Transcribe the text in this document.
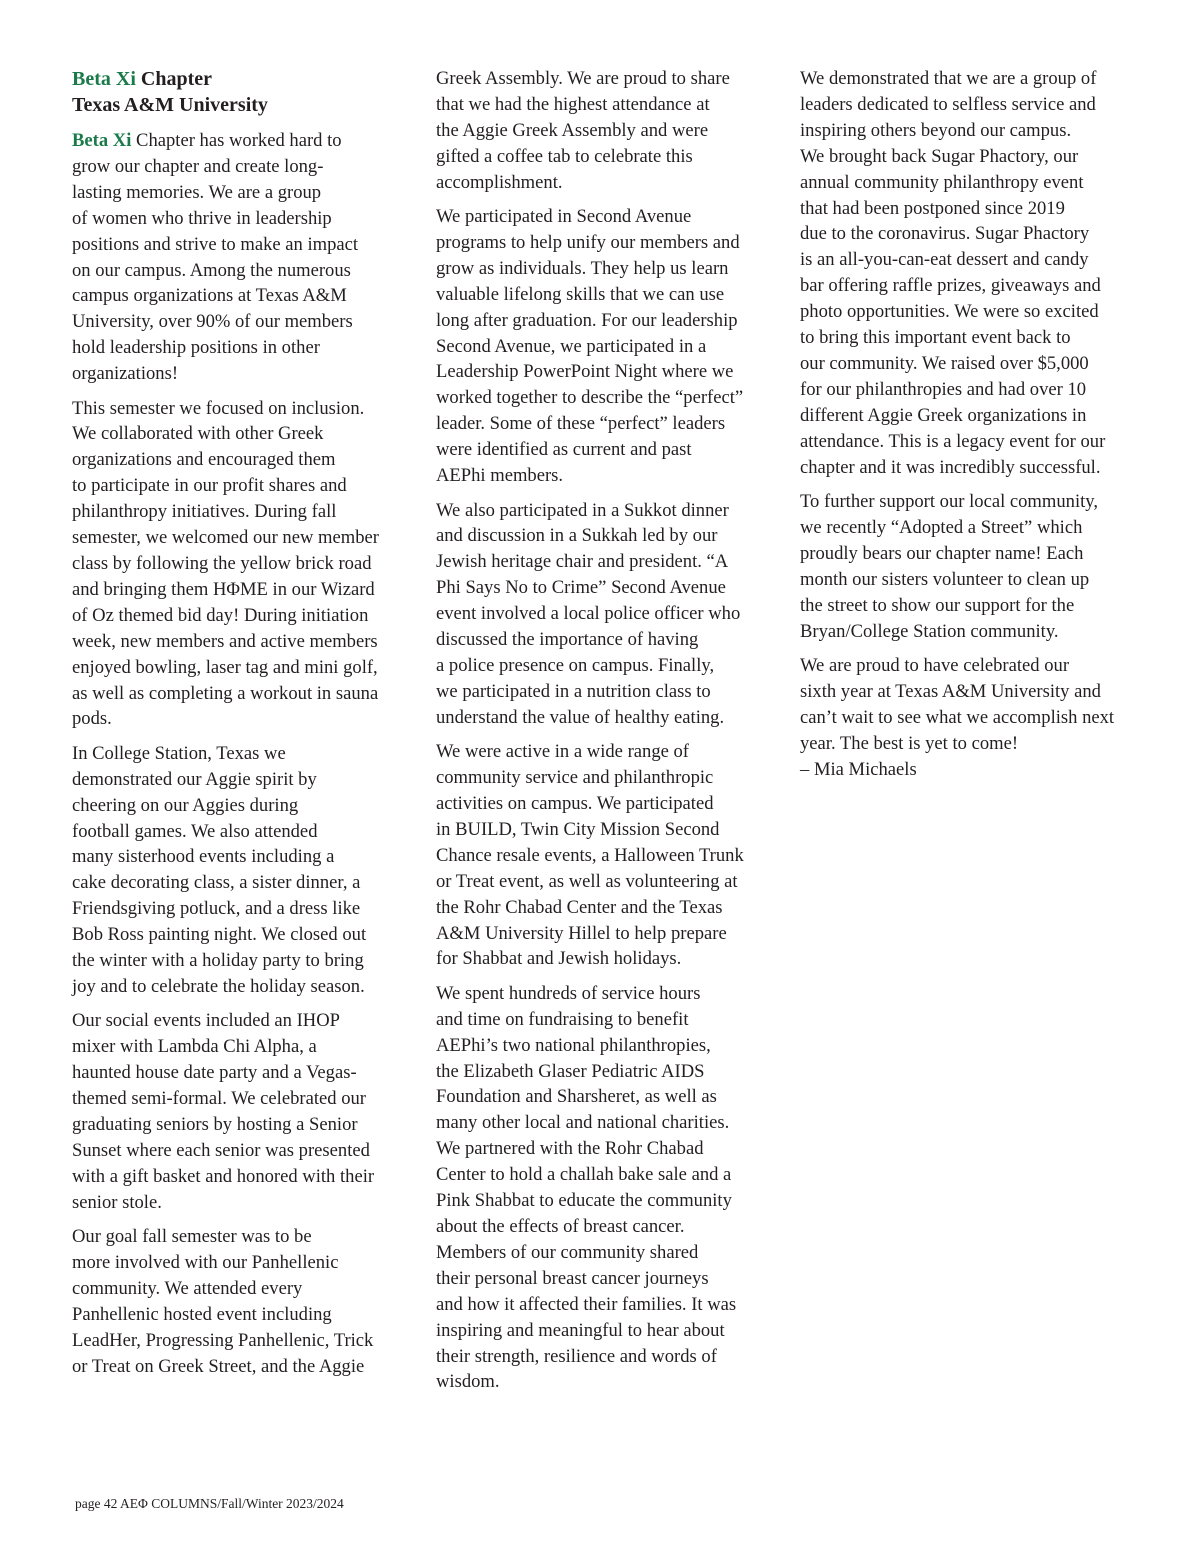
Beta Xi Chapter
Texas A&M University

Beta Xi Chapter has worked hard to
grow our chapter and create long-
lasting memories. We are a group
of women who thrive in leadership
positions and strive to make an impact
on our campus. Among the numerous
campus organizations at Texas A&M
University, over 90% of our members
hold leadership positions in other
organizations!

This semester we focused on inclusion.
We collaborated with other Greek
organizations and encouraged them
to participate in our profit shares and
philanthropy initiatives. During fall
semester, we welcomed our new member
class by following the yellow brick road
and bringing them HΦME in our Wizard
of Oz themed bid day! During initiation
week, new members and active members
enjoyed bowling, laser tag and mini golf,
as well as completing a workout in sauna
pods.

In College Station, Texas we
demonstrated our Aggie spirit by
cheering on our Aggies during
football games. We also attended
many sisterhood events including a
cake decorating class, a sister dinner, a
Friendsgiving potluck, and a dress like
Bob Ross painting night. We closed out
the winter with a holiday party to bring
joy and to celebrate the holiday season.

Our social events included an IHOP
mixer with Lambda Chi Alpha, a
haunted house date party and a Vegas-
themed semi-formal. We celebrated our
graduating seniors by hosting a Senior
Sunset where each senior was presented
with a gift basket and honored with their
senior stole.

Our goal fall semester was to be
more involved with our Panhellenic
community. We attended every
Panhellenic hosted event including
LeadHer, Progressing Panhellenic, Trick
or Treat on Greek Street, and the Aggie

Greek Assembly. We are proud to share
that we had the highest attendance at
the Aggie Greek Assembly and were
gifted a coffee tab to celebrate this
accomplishment.

We participated in Second Avenue
programs to help unify our members and
grow as individuals. They help us learn
valuable lifelong skills that we can use
long after graduation. For our leadership
Second Avenue, we participated in a
Leadership PowerPoint Night where we
worked together to describe the “perfect”
leader. Some of these “perfect” leaders
were identified as current and past
AEPhi members.

We also participated in a Sukkot dinner
and discussion in a Sukkah led by our
Jewish heritage chair and president. “A
Phi Says No to Crime” Second Avenue
event involved a local police officer who
discussed the importance of having
a police presence on campus. Finally,
we participated in a nutrition class to
understand the value of healthy eating.

We were active in a wide range of
community service and philanthropic
activities on campus. We participated
in BUILD, Twin City Mission Second
Chance resale events, a Halloween Trunk
or Treat event, as well as volunteering at
the Rohr Chabad Center and the Texas
A&M University Hillel to help prepare
for Shabbat and Jewish holidays.

We spent hundreds of service hours
and time on fundraising to benefit
AEPhi’s two national philanthropies,
the Elizabeth Glaser Pediatric AIDS
Foundation and Sharsheret, as well as
many other local and national charities.
We partnered with the Rohr Chabad
Center to hold a challah bake sale and a
Pink Shabbat to educate the community
about the effects of breast cancer.
Members of our community shared
their personal breast cancer journeys
and how it affected their families. It was
inspiring and meaningful to hear about
their strength, resilience and words of
wisdom.

We demonstrated that we are a group of
leaders dedicated to selfless service and
inspiring others beyond our campus.
We brought back Sugar Phactory, our
annual community philanthropy event
that had been postponed since 2019
due to the coronavirus. Sugar Phactory
is an all-you-can-eat dessert and candy
bar offering raffle prizes, giveaways and
photo opportunities. We were so excited
to bring this important event back to
our community. We raised over $5,000
for our philanthropies and had over 10
different Aggie Greek organizations in
attendance. This is a legacy event for our
chapter and it was incredibly successful.

To further support our local community,
we recently “Adopted a Street” which
proudly bears our chapter name! Each
month our sisters volunteer to clean up
the street to show our support for the
Bryan/College Station community.

We are proud to have celebrated our
sixth year at Texas A&M University and
can’t wait to see what we accomplish next
year. The best is yet to come!
– Mia Michaels

page 42 AEΦ COLUMNS/Fall/Winter 2023/2024
